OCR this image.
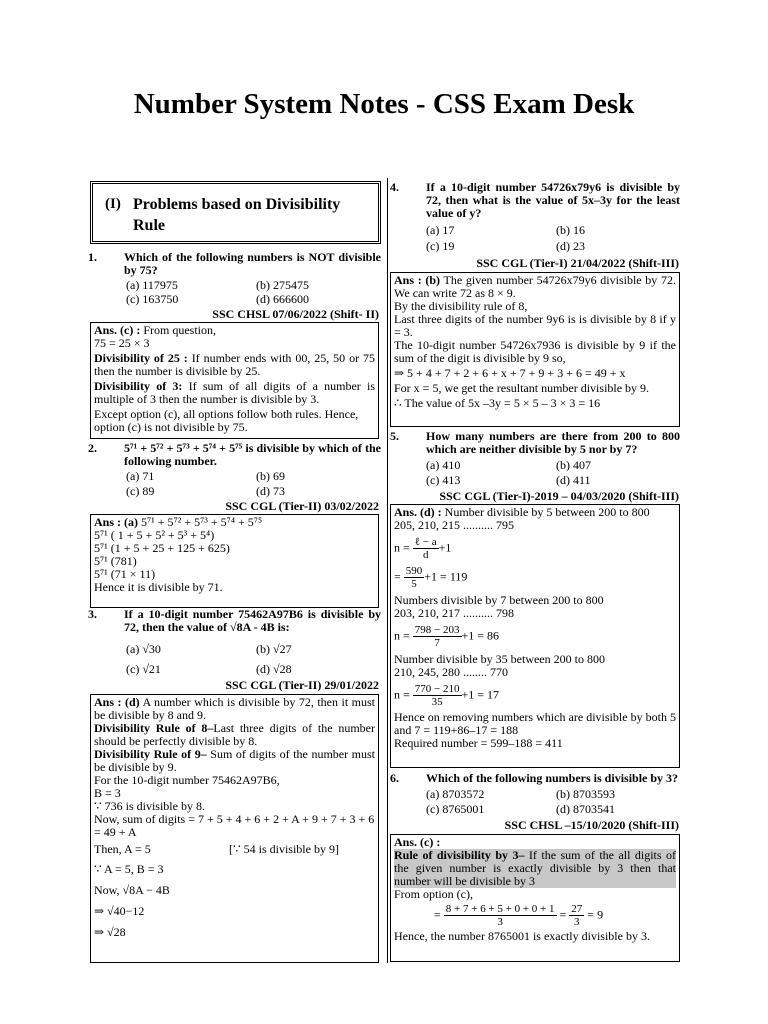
Number System Notes - CSS Exam Desk
(I) Problems based on Divisibility Rule
1. Which of the following numbers is NOT divisible by 75?
(a) 117975	(b) 275475
(c) 163750	(d) 666600
SSC CHSL 07/06/2022 (Shift- II)
Ans. (c) : From question,
75 = 25 × 3
Divisibility of 25 : If number ends with 00, 25, 50 or 75 then the number is divisible by 25.
Divisibility of 3: If sum of all digits of a number is multiple of 3 then the number is divisible by 3.
Except option (c), all options follow both rules. Hence, option (c) is not divisible by 75.
2. 5⁷¹ + 5⁷² + 5⁷³ + 5⁷⁴ + 5⁷⁵ is divisible by which of the following number.
(a) 71	(b) 69
(c) 89	(d) 73
SSC CGL (Tier-II) 03/02/2022
Ans : (a) 5⁷¹ + 5⁷² + 5⁷³ + 5⁷⁴ + 5⁷⁵
5⁷¹ ( 1 + 5 + 5² + 5³ + 5⁴)
5⁷¹ (1 + 5 + 25 + 125 + 625)
5⁷¹ (781)
5⁷¹ (71 × 11)
Hence it is divisible by 71.
3. If a 10-digit number 75462A97B6 is divisible by 72, then the value of √8A - 4B is:
(a) √30	(b) √27
(c) √21	(d) √28
SSC CGL (Tier-II) 29/01/2022
Ans : (d) A number which is divisible by 72, then it must be divisible by 8 and 9.
Divisibility Rule of 8–Last three digits of the number should be perfectly divisible by 8.
Divisibility Rule of 9– Sum of digits of the number must be divisible by 9.
For the 10-digit number 75462A97B6,
B = 3
∵ 736 is divisible by 8.
Now, sum of digits = 7 + 5 + 4 + 6 + 2 + A + 9 + 7 + 3 + 6 = 49 + A
Then, A = 5	[∵ 54 is divisible by 9]
∵ A = 5, B = 3
Now, √8A − 4B
⇒ √40−12
⇒ √28
4. If a 10-digit number 54726x79y6 is divisible by 72, then what is the value of 5x–3y for the least value of y?
(a) 17	(b) 16
(c) 19	(d) 23
SSC CGL (Tier-I) 21/04/2022 (Shift-III)
Ans : (b) The given number 54726x79y6 divisible by 72. We can write 72 as 8 × 9.
By the divisibility rule of 8,
Last three digits of the number 9y6 is is divisible by 8 if y = 3.
The 10-digit number 54726x7936 is divisible by 9 if the sum of the digit is divisible by 9 so,
⇒ 5 + 4 + 7 + 2 + 6 + x + 7 + 9 + 3 + 6 = 49 + x
For x = 5, we get the resultant number divisible by 9.
∴ The value of 5x –3y = 5 × 5 – 3 × 3 = 16
5. How many numbers are there from 200 to 800 which are neither divisible by 5 nor by 7?
(a) 410	(b) 407
(c) 413	(d) 411
SSC CGL (Tier-I)-2019 – 04/03/2020 (Shift-III)
Ans. (d) : Number divisible by 5 between 200 to 800
205, 210, 215 .......... 795
$n = \frac{\text{ℓ − a}}{d} +1$
= $\frac{590}{5} +1 = 119$
Numbers divisible by 7 between 200 to 800
203, 210, 217 .......... 798
$n = \frac{798 - 203}{7} +1 = 86$
Number divisible by 35 between 200 to 800
210, 245, 280 ........ 770
$n = \frac{770 - 210}{35} +1 = 17$
Hence on removing numbers which are divisible by both 5 and 7 = 119+86–17 = 188
Required number = 599–188 = 411
6. Which of the following numbers is divisible by 3?
(a) 8703572	(b) 8703593
(c) 8765001	(d) 8703541
SSC CHSL –15/10/2020 (Shift-III)
Ans. (c) :
Rule of divisibility by 3– If the sum of the all digits of the given number is exactly divisible by 3 then that number will be divisible by 3
From option (c),
= $\frac{8 + 7 + 6 + 5 + 0 + 0 + 1}{3} = \frac{27}{3} = 9$
Hence, the number 8765001 is exactly divisible by 3.
